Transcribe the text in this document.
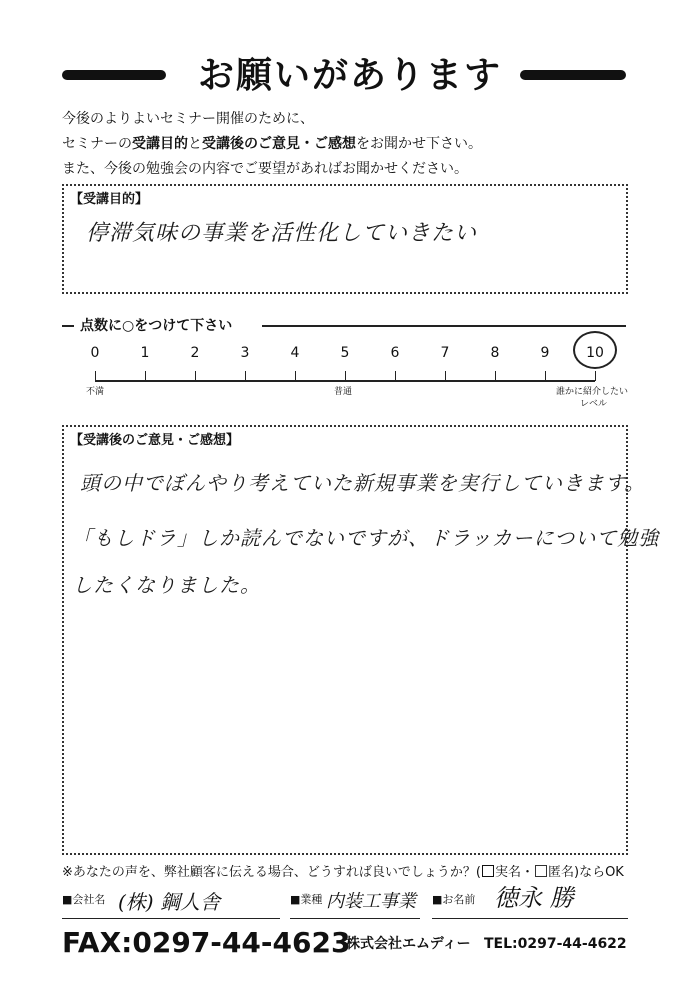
お願いがあります
今後のよりよいセミナー開催のために、
セミナーの受講目的と受講後のご意見・ご感想をお聞かせ下さい。
また、今後の勉強会の内容でご要望があればお聞かせください。
【受講目的】
停滞気味の事業を活性化していきたい
点数に○をつけて下さい
0	1	2	3	4	5	6	7	8	9	10
不満	普通	誰かに紹介したい
レベル
【受講後のご意見・ご感想】
頭の中でぼんやり考えていた新規事業を実行していきます。
「もしドラ」しか読んでないですが、ドラッカーについて勉強
したくなりました。
※あなたの声を、弊社顧客に伝える場合、どうすれば良いでしょうか？( 実名・ 匿名)ならOK
■会社名 (株) 鋼人舎	■業種 内装工事業 ■お名前 徳永 勝
FAX:0297-44-4623
株式会社エムディー TEL:0297-44-4622
